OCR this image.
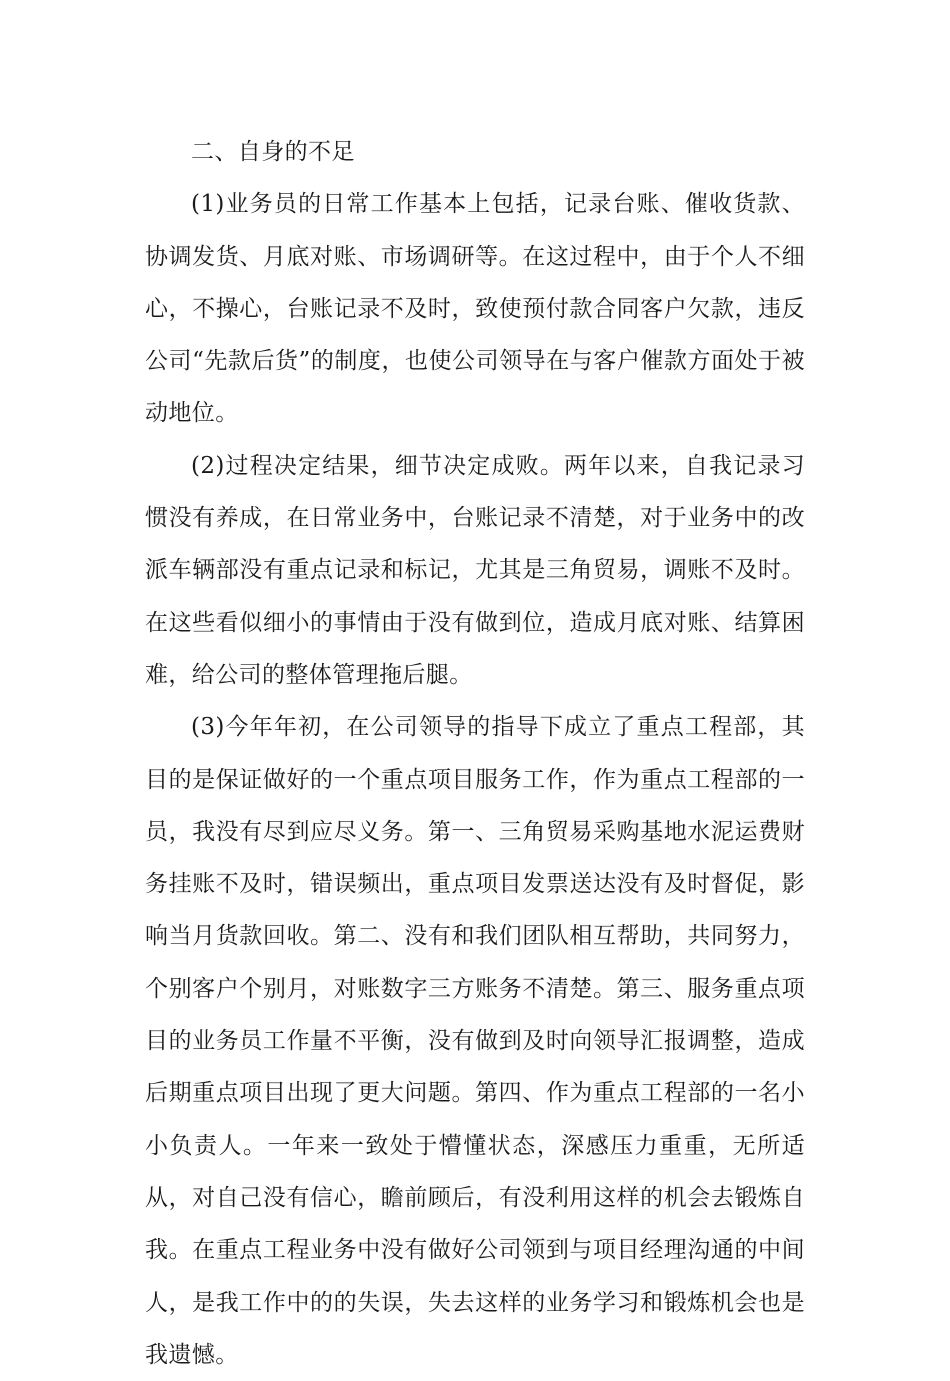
二、自身的不足

(1)业务员的日常工作基本上包括，记录台账、催收货款、协调发货、月底对账、市场调研等。在这过程中，由于个人不细心，不操心，台账记录不及时，致使预付款合同客户欠款，违反公司“先款后货”的制度，也使公司领导在与客户催款方面处于被动地位。

(2)过程决定结果，细节决定成败。两年以来，自我记录习惯没有养成，在日常业务中，台账记录不清楚，对于业务中的改派车辆部没有重点记录和标记，尤其是三角贸易，调账不及时。在这些看似细小的事情由于没有做到位，造成月底对账、结算困难，给公司的整体管理拖后腿。

(3)今年年初，在公司领导的指导下成立了重点工程部，其目的是保证做好的一个重点项目服务工作，作为重点工程部的一员，我没有尽到应尽义务。第一、三角贸易采购基地水泥运费财务挂账不及时，错误频出，重点项目发票送达没有及时督促，影响当月货款回收。第二、没有和我们团队相互帮助，共同努力，个别客户个别月，对账数字三方账务不清楚。第三、服务重点项目的业务员工作量不平衡，没有做到及时向领导汇报调整，造成后期重点项目出现了更大问题。第四、作为重点工程部的一名小小负责人。一年来一致处于懵懂状态，深感压力重重，无所适从，对自己没有信心，瞻前顾后，有没利用这样的机会去锻炼自我。在重点工程业务中没有做好公司领到与项目经理沟通的中间人，是我工作中的的失误，失去这样的业务学习和锻炼机会也是我遗憾。
